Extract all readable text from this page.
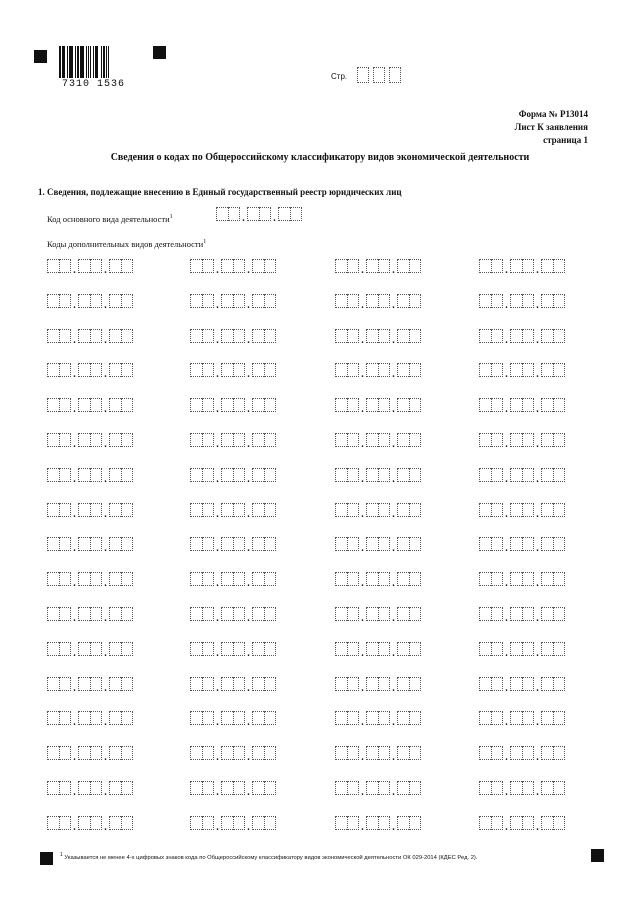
7310 1536
Стр.
Форма № Р13014
Лист К заявления
страница 1
Сведения о кодах по Общероссийскому классификатору видов экономической деятельности
1. Сведения, подлежащие внесению в Единый государственный реестр юридических лиц
Код основного вида деятельности$^1$	.	.
Коды дополнительных видов деятельности$^1$
.	.	.	.	.	.	.	.
.	.	.	.	.	.	.	.
.	.	.	.	.	.	.	.
.	.	.	.	.	.	.	.
.	.	.	.	.	.	.	.
.	.	.	.	.	.	.	.
.	.	.	.	.	.	.	.
.	.	.	.	.	.	.	.
.	.	.	.	.	.	.	.
.	.	.	.	.	.	.	.
.	.	.	.	.	.	.	.
.	.	.	.	.	.	.	.
.	.	.	.	.	.	.	.
.	.	.	.	.	.	.	.
.	.	.	.	.	.	.	.
.	.	.	.	.	.	.	.
.	.	.	.	.	.	.	.
$^1$ Указывается не менее 4-х цифровых знаков кода по Общероссийскому классификатору видов экономической деятельности ОК 029-2014 (КДЕС Ред. 2).
